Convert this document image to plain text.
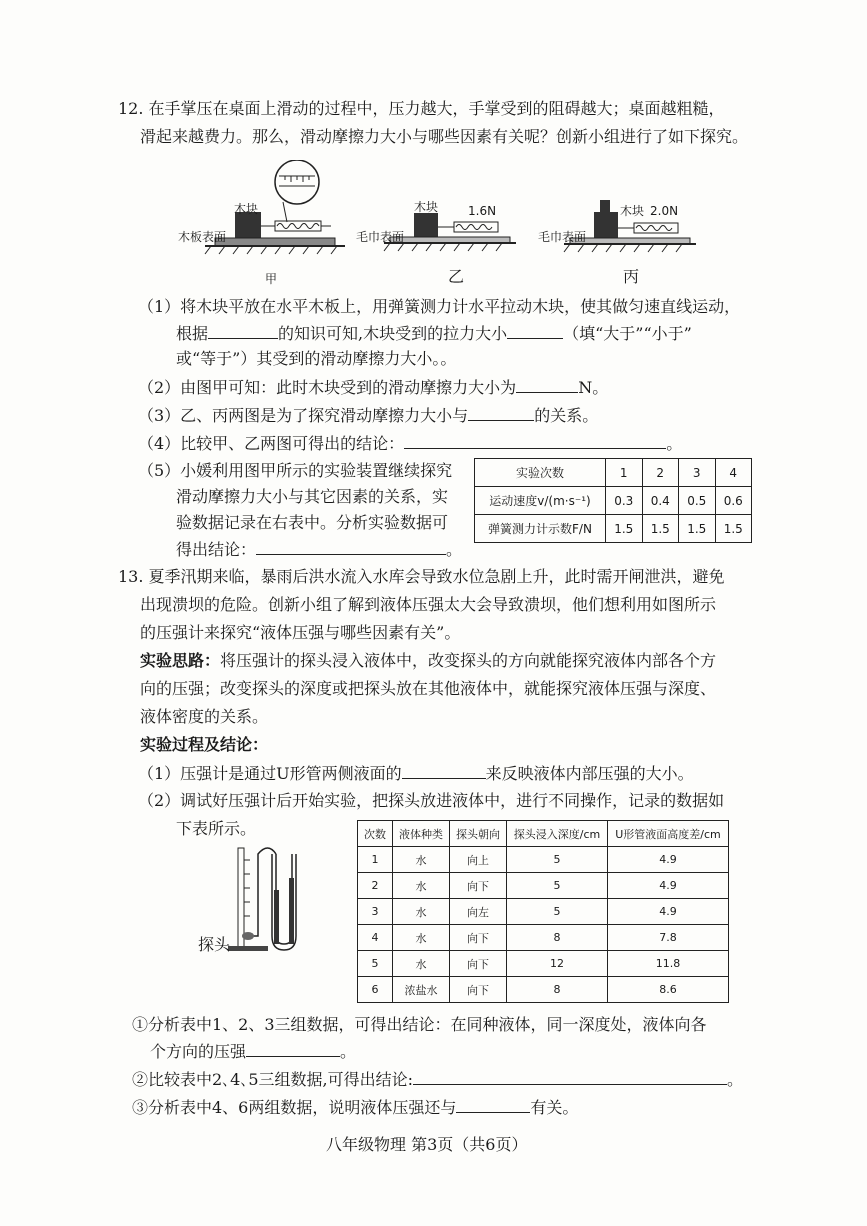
12. 在手掌压在桌面上滑动的过程中，压力越大，手掌受到的阻碍越大；桌面越粗糙，
滑起来越费力。那么，滑动摩擦力大小与哪些因素有关呢？创新小组进行了如下探究。
木块
木板表面
甲
木块 1.6N
毛巾表面
乙
木块 2.0N
毛巾表面
丙
（1）将木块平放在水平木板上，用弹簧测力计水平拉动木块，使其做匀速直线运动，
根据	的知识可知,木块受到的拉力大小	（填“大于”“小于”
或“等于”）其受到的滑动摩擦力大小。。
（2）由图甲可知：此时木块受到的滑动摩擦力大小为	N。
（3）乙、丙两图是为了探究滑动摩擦力大小与	的关系。
（4）比较甲、乙两图可得出的结论：	。
（5）小媛利用图甲所示的实验装置继续探究
滑动摩擦力大小与其它因素的关系，实
验数据记录在右表中。分析实验数据可
得出结论：	。
实验次数	1	2	3	4
运动速度v/(m·s⁻¹)	0.3	0.4	0.5	0.6
弹簧测力计示数F/N	1.5	1.5	1.5	1.5
13. 夏季汛期来临，暴雨后洪水流入水库会导致水位急剧上升，此时需开闸泄洪，避免
出现溃坝的危险。创新小组了解到液体压强太大会导致溃坝，他们想利用如图所示
的压强计来探究“液体压强与哪些因素有关”。
实验思路：将压强计的探头浸入液体中，改变探头的方向就能探究液体内部各个方
向的压强；改变探头的深度或把探头放在其他液体中，就能探究液体压强与深度、
液体密度的关系。
实验过程及结论：
（1）压强计是通过U形管两侧液面的	来反映液体内部压强的大小。
（2）调试好压强计后开始实验，把探头放进液体中，进行不同操作，记录的数据如
下表所示。
探头
次数	液体种类	探头朝向	探头浸入深度/cm	U形管液面高度差/cm
1	水	向上	5	4.9
2	水	向下	5	4.9
3	水	向左	5	4.9
4	水	向下	8	7.8
5	水	向下	12	11.8
6	浓盐水	向下	8	8.6
①分析表中1、2、3三组数据，可得出结论：在同种液体，同一深度处，液体向各
个方向的压强	。
②比较表中2､4､5三组数据,可得出结论:	。
③分析表中4、6两组数据，说明液体压强还与	有关。
八年级物理 第3页（共6页）
